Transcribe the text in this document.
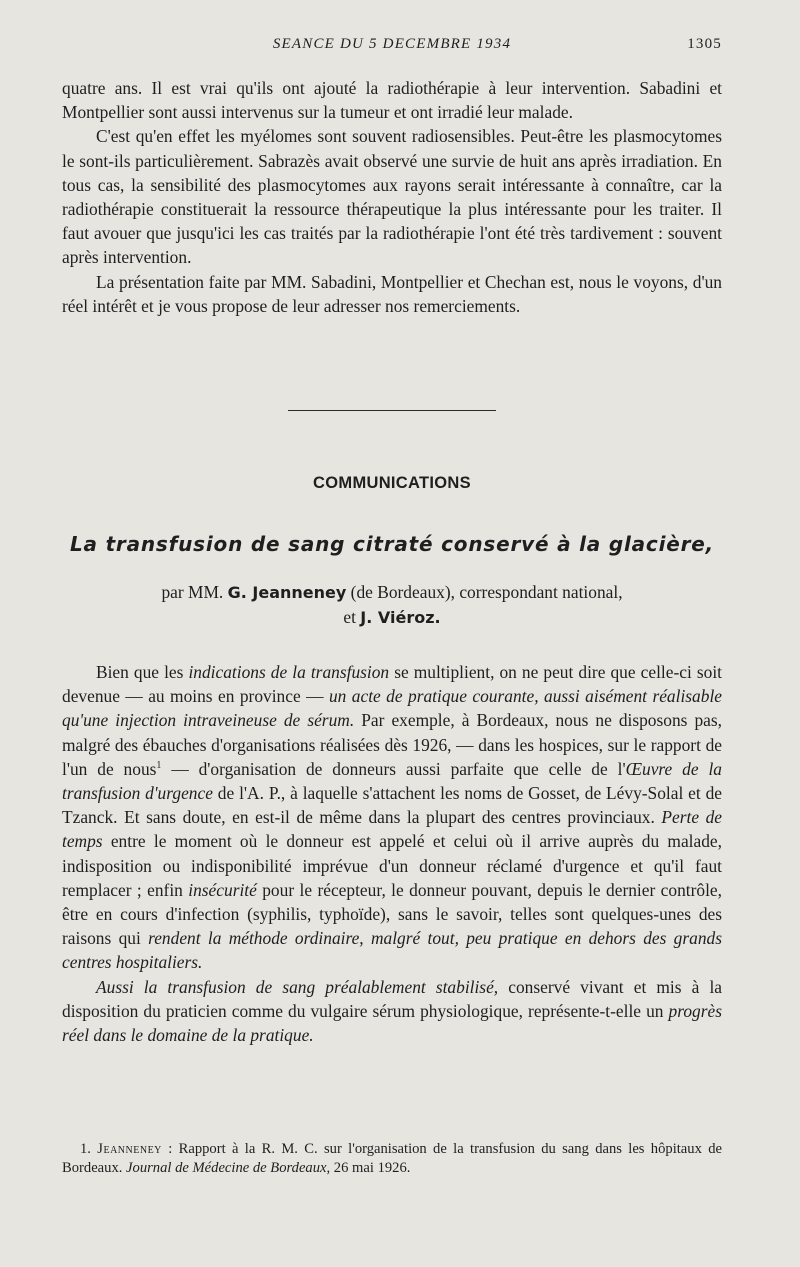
SEANCE DU 5 DECEMBRE 1934	1305

quatre ans. Il est vrai qu'ils ont ajouté la radiothérapie à leur intervention. Sabadini et Montpellier sont aussi intervenus sur la tumeur et ont irradié leur malade.

C'est qu'en effet les myélomes sont souvent radiosensibles. Peut-être les plasmocytomes le sont-ils particulièrement. Sabrazès avait observé une survie de huit ans après irradiation. En tous cas, la sensibilité des plasmocytomes aux rayons serait intéressante à connaître, car la radiothérapie constituerait la ressource thérapeutique la plus intéressante pour les traiter. Il faut avouer que jusqu'ici les cas traités par la radiothérapie l'ont été très tardivement : souvent après intervention.

La présentation faite par MM. Sabadini, Montpellier et Chechan est, nous le voyons, d'un réel intérêt et je vous propose de leur adresser nos remerciements.

COMMUNICATIONS
La transfusion de sang citraté conservé à la glacière,
par MM. G. Jeanneney (de Bordeaux), correspondant national,
et J. Viéroz.

Bien que les indications de la transfusion se multiplient, on ne peut dire que celle-ci soit devenue — au moins en province — un acte de pratique courante, aussi aisément réalisable qu'une injection intraveineuse de sérum. Par exemple, à Bordeaux, nous ne disposons pas, malgré des ébauches d'organisations réalisées dès 1926, — dans les hospices, sur le rapport de l'un de nous$^1$ — d'organisation de donneurs aussi parfaite que celle de l'Œuvre de la transfusion d'urgence de l'A. P., à laquelle s'attachent les noms de Gosset, de Lévy-Solal et de Tzanck. Et sans doute, en est-il de même dans la plupart des centres provinciaux. Perte de temps entre le moment où le donneur est appelé et celui où il arrive auprès du malade, indisposition ou indisponibilité imprévue d'un donneur réclamé d'urgence et qu'il faut remplacer ; enfin insécurité pour le récepteur, le donneur pouvant, depuis le dernier contrôle, être en cours d'infection (syphilis, typhoïde), sans le savoir, telles sont quelques-unes des raisons qui rendent la méthode ordinaire, malgré tout, peu pratique en dehors des grands centres hospitaliers.

Aussi la transfusion de sang préalablement stabilisé, conservé vivant et mis à la disposition du praticien comme du vulgaire sérum physiologique, représente-t-elle un progrès réel dans le domaine de la pratique.

1. Jeanneney : Rapport à la R. M. C. sur l'organisation de la transfusion du sang dans les hôpitaux de Bordeaux. Journal de Médecine de Bordeaux, 26 mai 1926.
